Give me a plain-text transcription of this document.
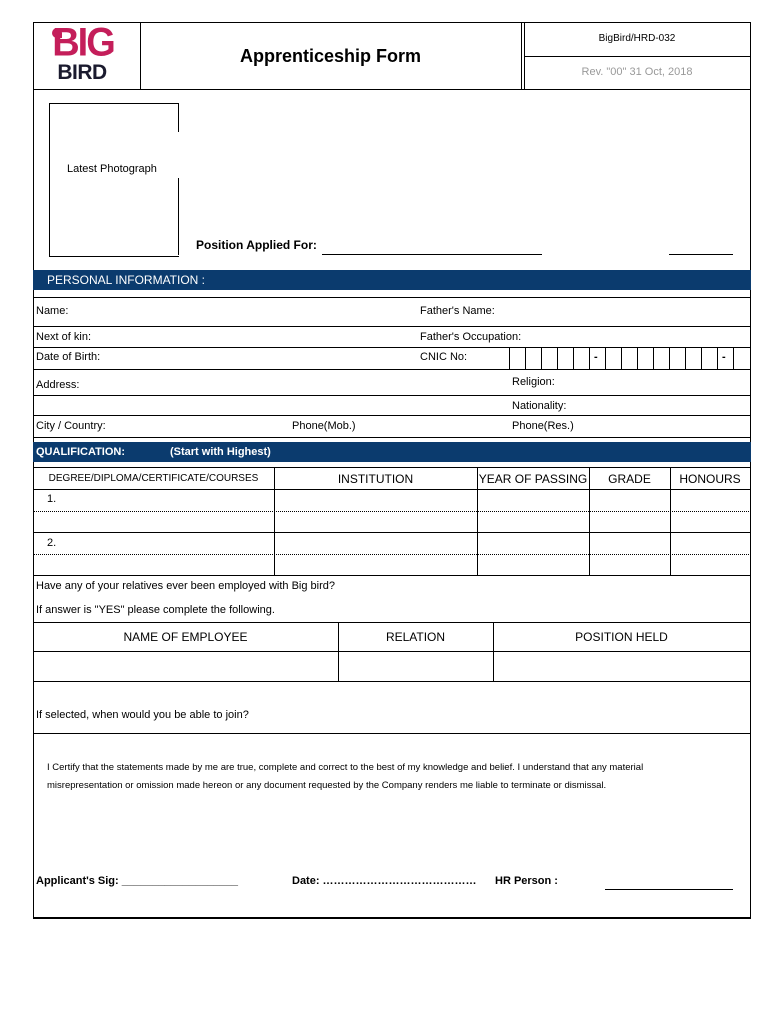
BIG
BIRD
Apprenticeship Form
BigBird/HRD-032
Rev. "00" 31 Oct, 2018
Latest Photograph
Position Applied For:
PERSONAL INFORMATION :
Name:	Father's Name:
Next of kin:	Father's Occupation:
Date of Birth:	CNIC No:	-	-
Address:	Religion:
Nationality:
City / Country:	Phone(Mob.)	Phone(Res.)
QUALIFICATION:	(Start with Highest)
DEGREE/DIPLOMA/CERTIFICATE/COURSES	INSTITUTION	YEAR OF PASSING	GRADE	HONOURS
1.
2.
Have any of your relatives ever been employed with Big bird?
If answer is "YES" please complete the following.
NAME OF EMPLOYEE	RELATION	POSITION HELD
If selected, when would you be able to join?
I Certify that the statements made by me are true, complete and correct to the best of my knowledge and belief. I understand that any material
misrepresentation or omission made hereon or any document requested by the Company renders me liable to terminate or dismissal.
Applicant's Sig: ___________________	Date: …………………………………… HR Person :
